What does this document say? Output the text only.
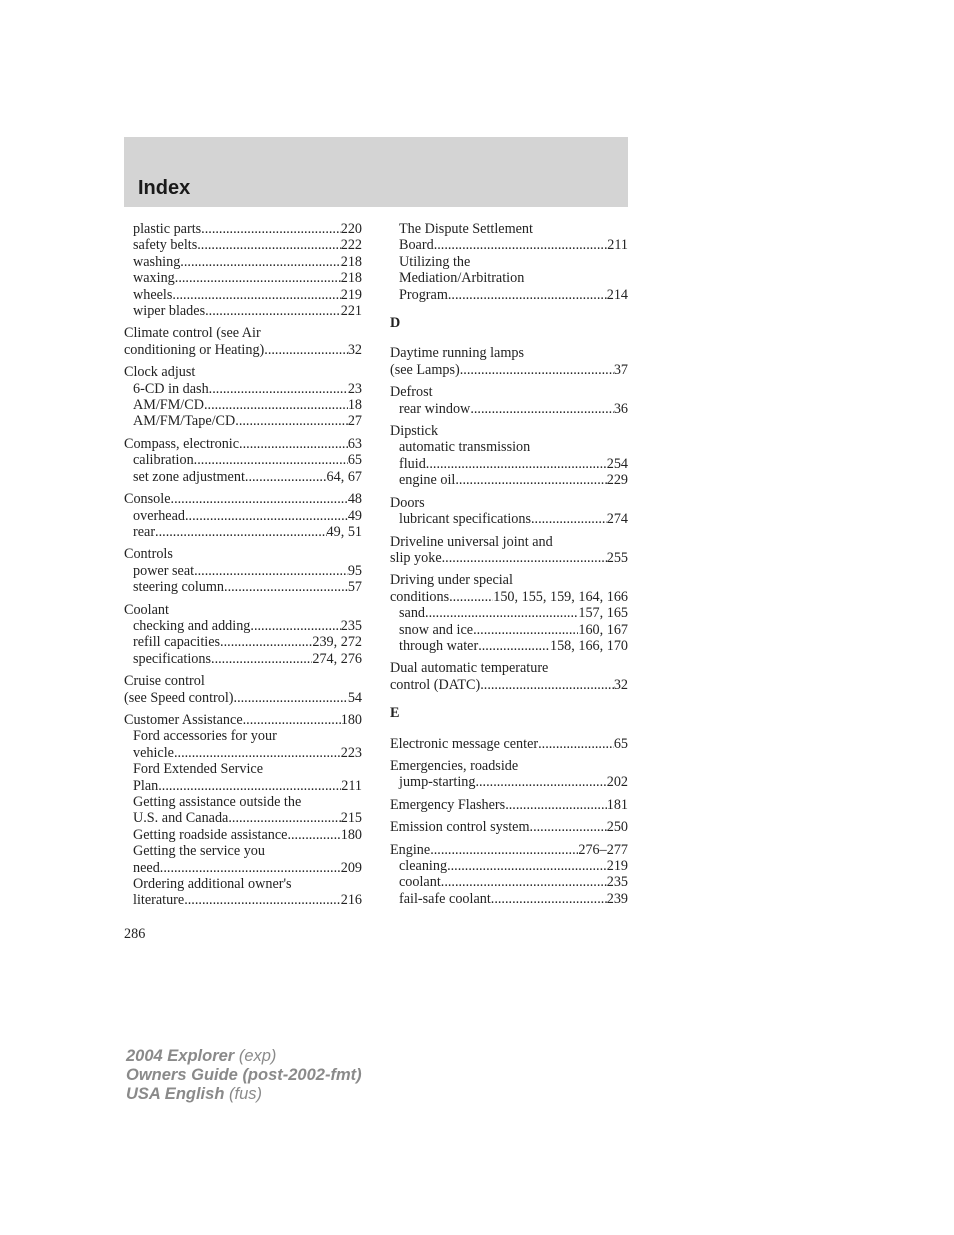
Index
plastic parts .....	220
safety belts .....	222
washing .....	218
waxing .....	218
wheels .....	219
wiper blades .....	221
Climate control (see Air
conditioning or Heating) .....	32
Clock adjust
6-CD in dash .....	23
AM/FM/CD .....	18
AM/FM/Tape/CD .....	27
Compass, electronic .....	63
calibration .....	65
set zone adjustment .....	64, 67
Console .....	48
overhead .....	49
rear .....	49, 51
Controls
power seat .....	95
steering column .....	57
Coolant
checking and adding .....	235
refill capacities .....	239, 272
specifications .....	274, 276
Cruise control
(see Speed control) .....	54
Customer Assistance .....	180
Ford accessories for your
vehicle .....	223
Ford Extended Service
Plan .....	211
Getting assistance outside the
U.S. and Canada .....	215
Getting roadside assistance .....	180
Getting the service you
need .....	209
Ordering additional owner's
literature .....	216
The Dispute Settlement
Board .....	211
Utilizing the
Mediation/Arbitration
Program .....	214
D
Daytime running lamps
(see Lamps) .....	37
Defrost
rear window .....	36
Dipstick
automatic transmission
fluid .....	254
engine oil .....	229
Doors
lubricant specifications .....	274
Driveline universal joint and
slip yoke .....	255
Driving under special
conditions .....	150, 155, 159, 164, 166
sand .....	157, 165
snow and ice .....	160, 167
through water .....	158, 166, 170
Dual automatic temperature
control (DATC) .....	32
E
Electronic message center .....	65
Emergencies, roadside
jump-starting .....	202
Emergency Flashers .....	181
Emission control system .....	250
Engine .....	276–277
cleaning .....	219
coolant .....	235
fail-safe coolant .....	239
286
2004 Explorer (exp)
Owners Guide (post-2002-fmt)
USA English (fus)
